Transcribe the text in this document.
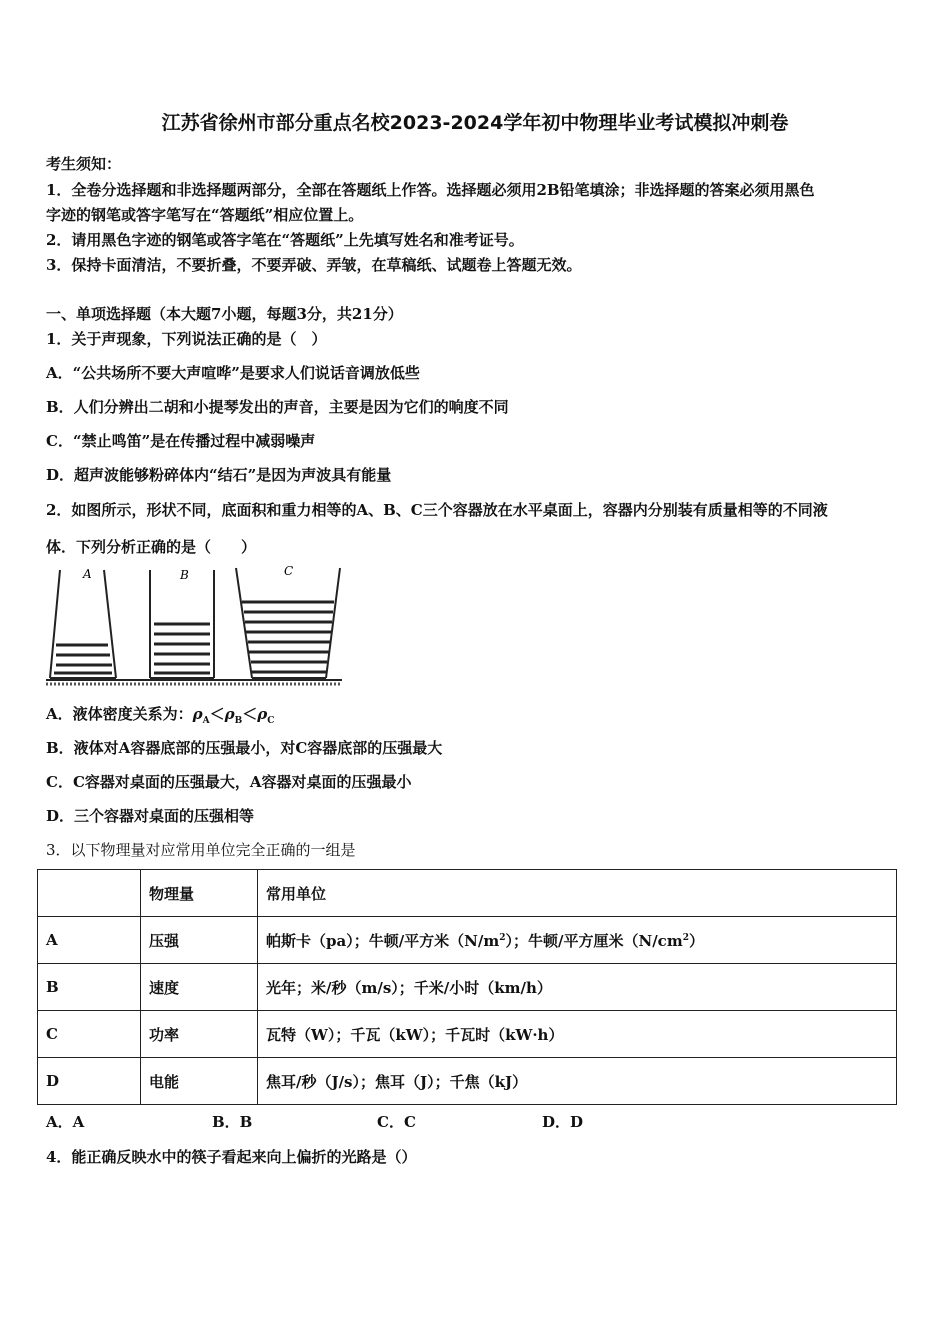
江苏省徐州市部分重点名校2023-2024学年初中物理毕业考试模拟冲刺卷
考生须知：
1．全卷分选择题和非选择题两部分，全部在答题纸上作答。选择题必须用2B铅笔填涂；非选择题的答案必须用黑色
字迹的钢笔或答字笔写在“答题纸”相应位置上。
2．请用黑色字迹的钢笔或答字笔在“答题纸”上先填写姓名和准考证号。
3．保持卡面清洁，不要折叠，不要弄破、弄皱，在草稿纸、试题卷上答题无效。
一、单项选择题（本大题7小题，每题3分，共21分）
1．关于声现象，下列说法正确的是（　）
A．“公共场所不要大声喧哗”是要求人们说话音调放低些
B．人们分辨出二胡和小提琴发出的声音，主要是因为它们的响度不同
C．“禁止鸣笛”是在传播过程中减弱噪声
D．超声波能够粉碎体内“结石”是因为声波具有能量
2．如图所示，形状不同，底面积和重力相等的A、B、C三个容器放在水平桌面上，容器内分别装有质量相等的不同液
体．下列分析正确的是（　　）
A	B	C
A．液体密度关系为：$\rho_A<\rho_B<\rho_C$
B．液体对A容器底部的压强最小，对C容器底部的压强最大
C．C容器对桌面的压强最大，A容器对桌面的压强最小
D．三个容器对桌面的压强相等
3．以下物理量对应常用单位完全正确的一组是
	物理量	常用单位
A	压强	帕斯卡（pa）；牛顿/平方米$(N/m^2)$；牛顿/平方厘米$(N/cm^2)$
B	速度	光年；米/秒（m/s）；千米/小时（km/h）
C	功率	瓦特（W）；千瓦（kW）；千瓦时（kW·h）
D	电能	焦耳/秒（J/s）；焦耳（J）；千焦（kJ）
A．A	B．B	C．C	D．D
4．能正确反映水中的筷子看起来向上偏折的光路是（）
